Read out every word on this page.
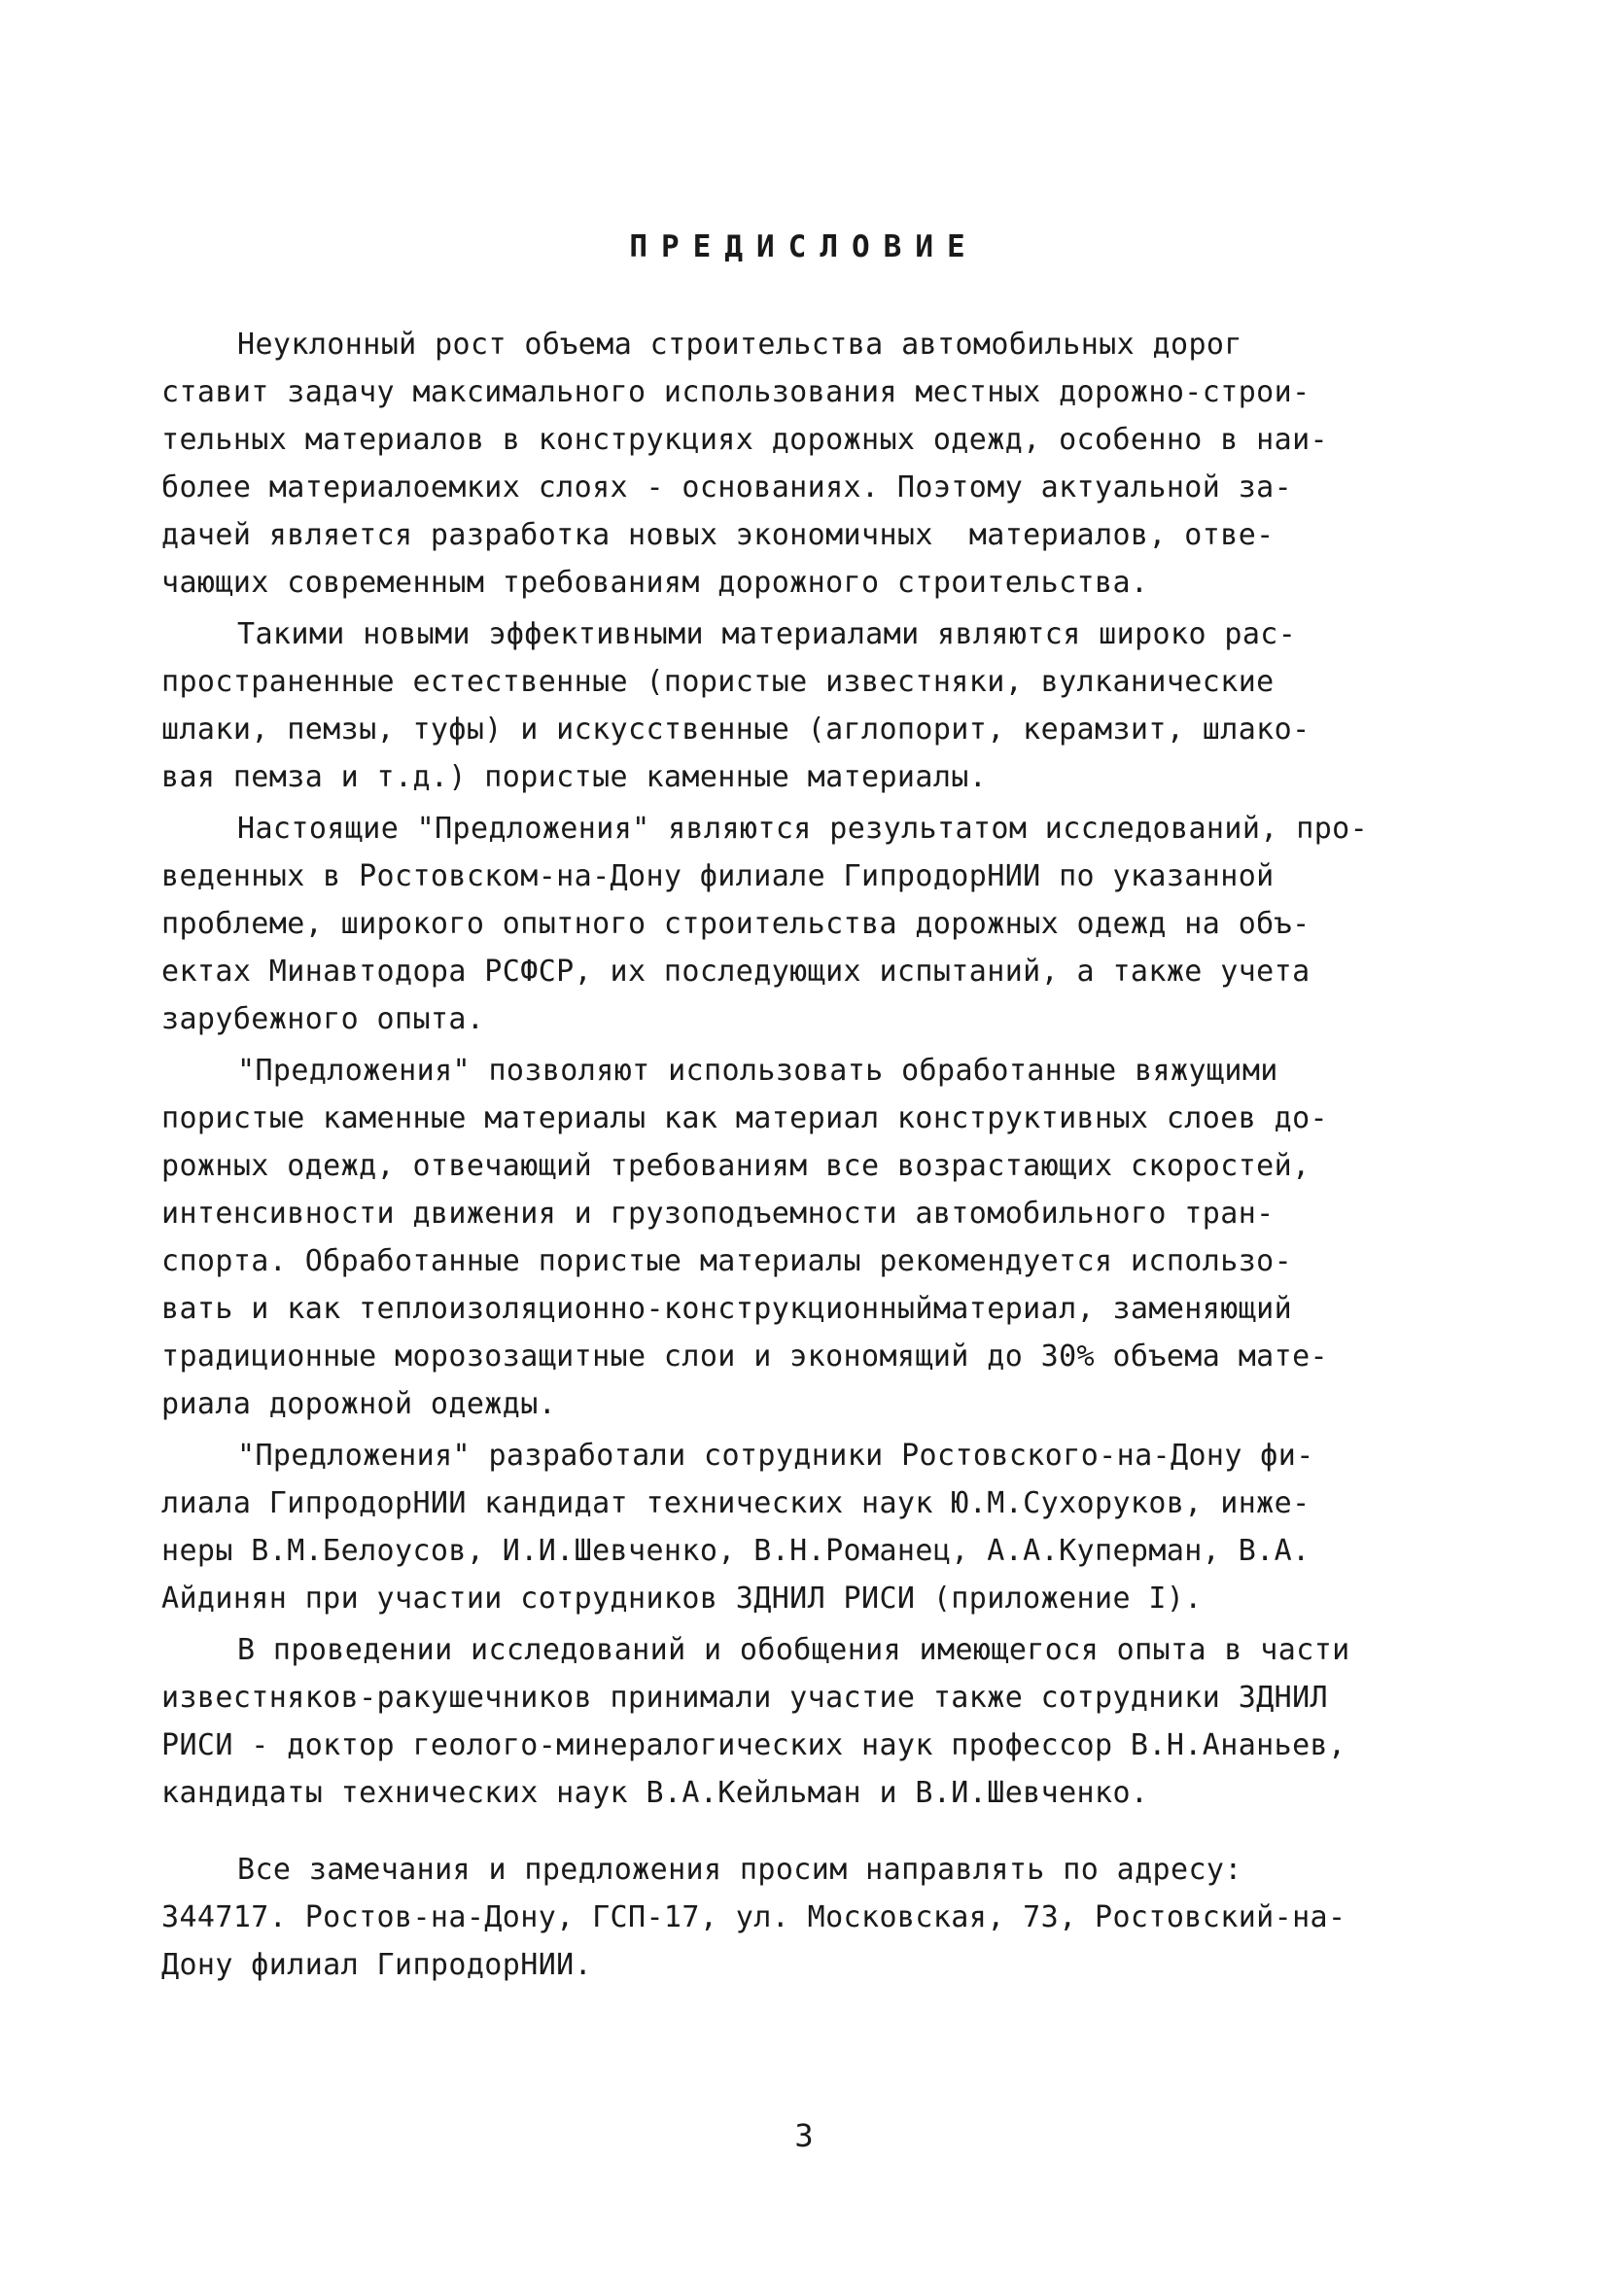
ПРЕДИСЛОВИЕ
Неуклонный рост объема строительства автомобильных дорог
ставит задачу максимального использования местных дорожно-строи-
тельных материалов в конструкциях дорожных одежд, особенно в наи-
более материалоемких слоях - основаниях. Поэтому актуальной за-
дачей является разработка новых экономичных  материалов, отве-
чающих современным требованиям дорожного строительства.
Такими новыми эффективными материалами являются широко рас-
пространенные естественные (пористые известняки, вулканические
шлаки, пемзы, туфы) и искусственные (аглопорит, керамзит, шлако-
вая пемза и т.д.) пористые каменные материалы.
Настоящие "Предложения" являются результатом исследований, про-
веденных в Ростовском-на-Дону филиале ГипродорНИИ по указанной
проблеме, широкого опытного строительства дорожных одежд на объ-
ектах Минавтодора РСФСР, их последующих испытаний, а также учета
зарубежного опыта.
"Предложения" позволяют использовать обработанные вяжущими
пористые каменные материалы как материал конструктивных слоев до-
рожных одежд, отвечающий требованиям все возрастающих скоростей,
интенсивности движения и грузоподъемности автомобильного тран-
спорта. Обработанные пористые материалы рекомендуется использо-
вать и как теплоизоляционно-конструкционныйматериал, заменяющий
традиционные морозозащитные слои и экономящий до 30% объема мате-
риала дорожной одежды.
"Предложения" разработали сотрудники Ростовского-на-Дону фи-
лиала ГипродорНИИ кандидат технических наук Ю.М.Сухоруков, инже-
неры В.М.Белоусов, И.И.Шевченко, В.Н.Романец, А.А.Куперман, В.А.
Айдинян при участии сотрудников ЗДНИЛ РИСИ (приложение I).
В проведении исследований и обобщения имеющегося опыта в части
известняков-ракушечников принимали участие также сотрудники ЗДНИЛ
РИСИ - доктор геолого-минералогических наук профессор В.Н.Ананьев,
кандидаты технических наук В.А.Кейльман и В.И.Шевченко.
Все замечания и предложения просим направлять по адресу:
344717. Ростов-на-Дону, ГСП-17, ул. Московская, 73, Ростовский-на-
Дону филиал ГипродорНИИ.
3
